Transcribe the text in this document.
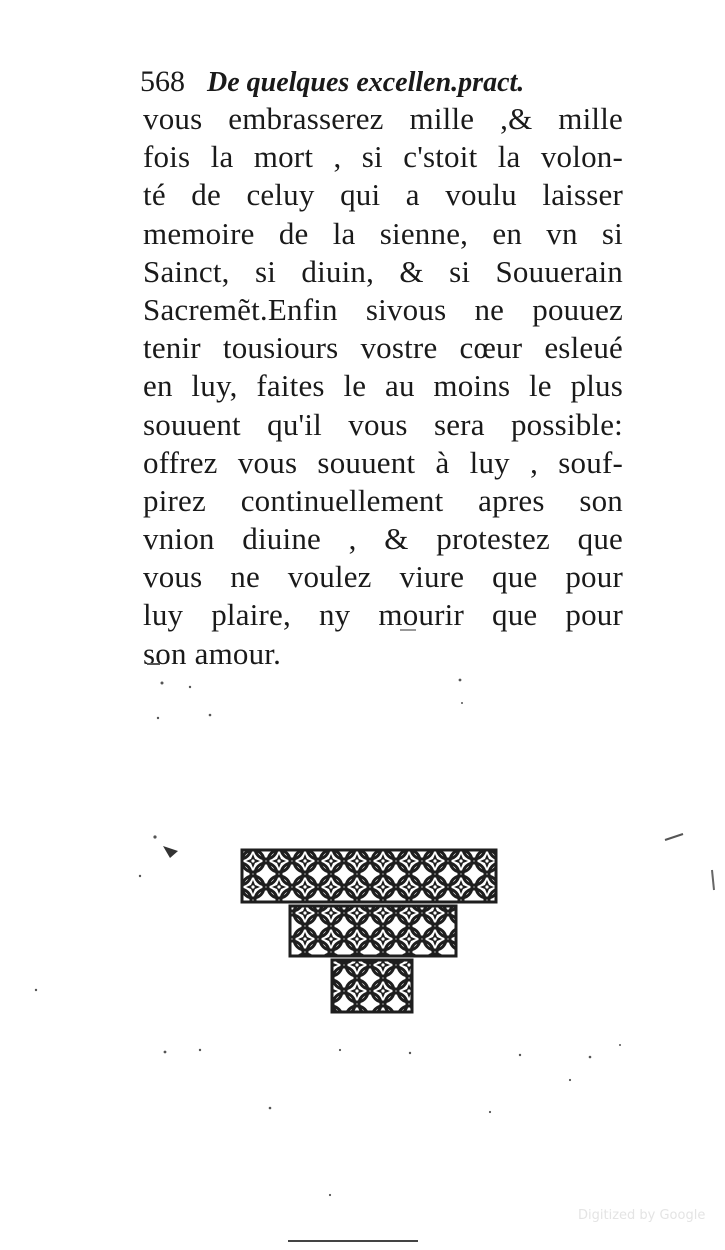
568 De quelques excellen.pract.
vous embrasserez mille ,& mille
fois la mort , si c'stoit la volon-
té de celuy qui a voulu laisser
memoire de la sienne, en vn si
Sainct, si diuin, & si Souuerain
Sacremẽt.Enfin sivous ne pouuez
tenir tousiours vostre cœur esleué
en luy, faites le au moins le plus
souuent qu'il vous sera possible:
offrez vous souuent à luy , souf-
pirez continuellement apres son
vnion diuine , & protestez que
vous ne voulez viure que pour
luy plaire, ny mourir que pour
son amour.
Digitized by Google
